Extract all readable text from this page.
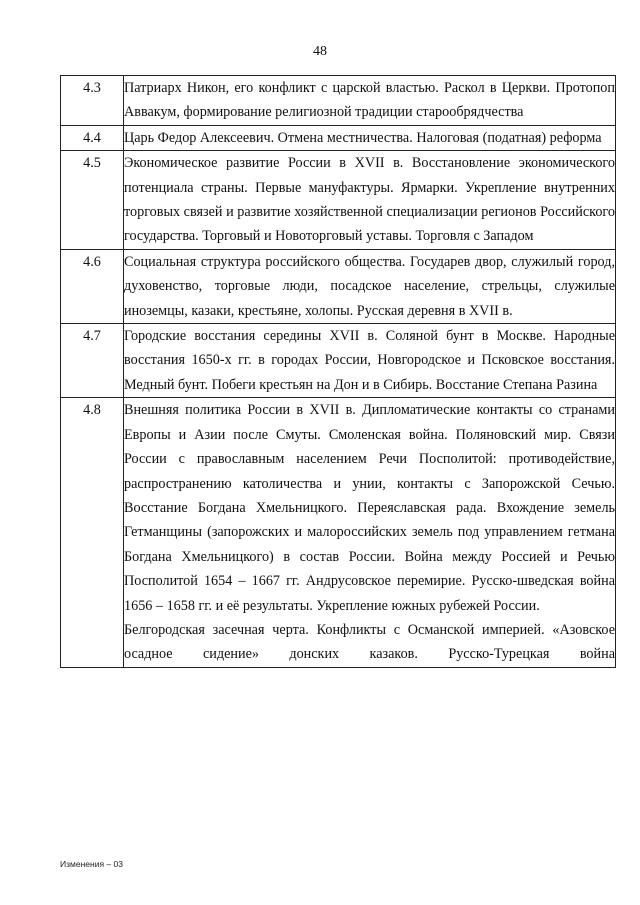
48
4.3	Патриарх Никон, его конфликт с царской властью. Раскол в Церкви. Протопоп Аввакум, формирование религиозной традиции старообрядчества

4.4	Царь Федор Алексеевич. Отмена местничества. Налоговая (податная) реформа

4.5	Экономическое развитие России в XVII в. Восстановление экономического потенциала страны. Первые мануфактуры. Ярмарки. Укрепление внутренних торговых связей и развитие хозяйственной специализации регионов Российского государства. Торговый и Новоторговый уставы. Торговля с Западом

4.6	Социальная структура российского общества. Государев двор, служилый город, духовенство, торговые люди, посадское население, стрельцы, служилые иноземцы, казаки, крестьяне, холопы. Русская деревня в XVII в.

4.7	Городские восстания середины XVII в. Соляной бунт в Москве. Народные восстания 1650-х гг. в городах России, Новгородское и Псковское восстания. Медный бунт. Побеги крестьян на Дон и в Сибирь. Восстание Степана Разина

4.8	Внешняя политика России в XVII в. Дипломатические контакты со странами Европы и Азии после Смуты. Смоленская война. Поляновский мир. Связи России с православным населением Речи Посполитой: противодействие, распространению католичества и унии, контакты с Запорожской Сечью. Восстание Богдана Хмельницкого. Переяславская рада. Вхождение земель Гетманщины (запорожских и малороссийских земель под управлением гетмана Богдана Хмельницкого) в состав России. Война между Россией и Речью Посполитой 1654 – 1667 гг. Андрусовское перемирие. Русско-шведская война 1656 – 1658 гг. и её результаты. Укрепление южных рубежей России.

Белгородская засечная черта. Конфликты с Османской империей. «Азовское осадное сидение» донских казаков. Русско-Турецкая война

Изменения – 03
